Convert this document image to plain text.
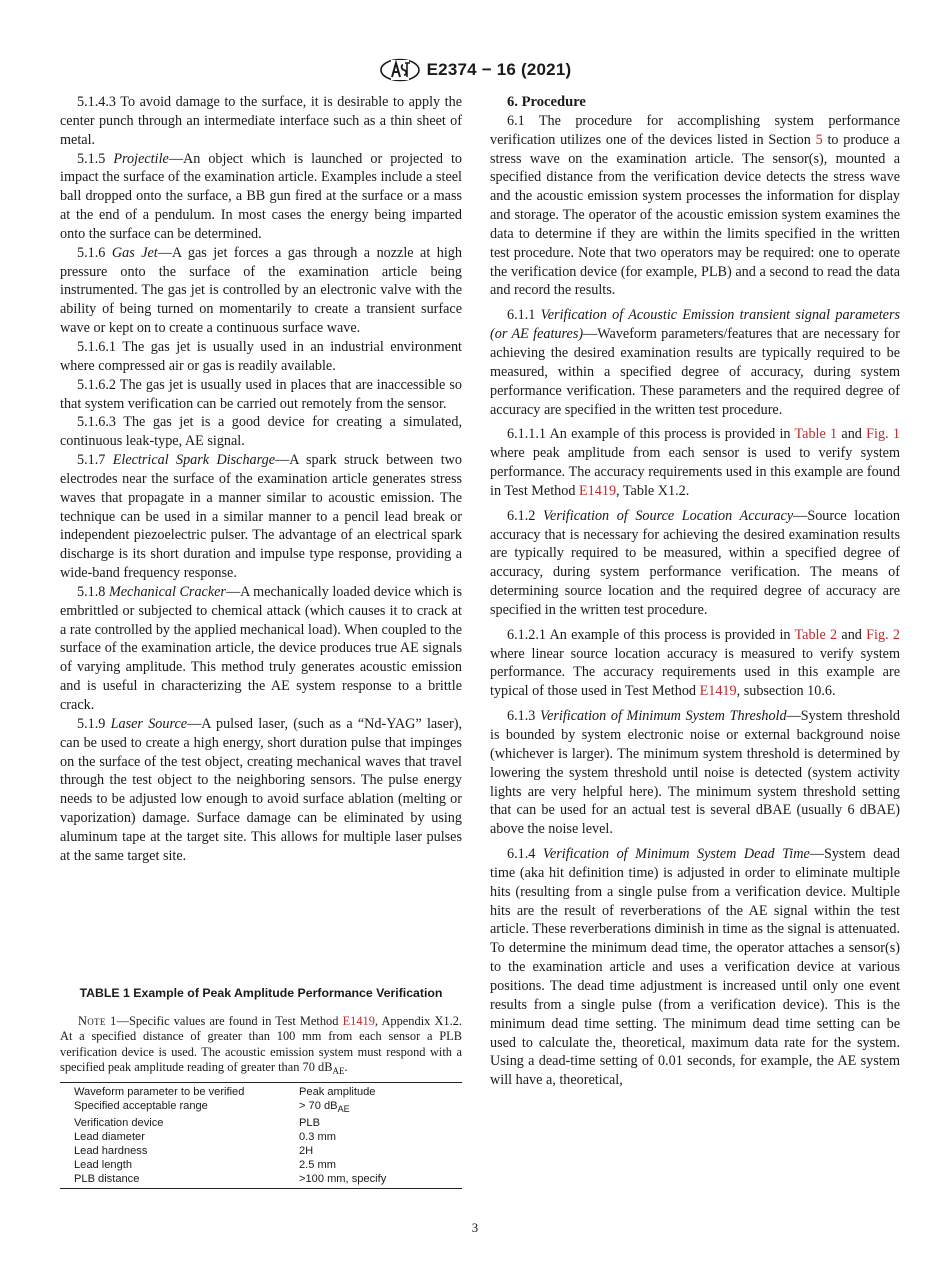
E2374 − 16 (2021)

5.1.4.3 To avoid damage to the surface, it is desirable to apply the center punch through an intermediate interface such as a thin sheet of metal.

5.1.5 Projectile—An object which is launched or projected to impact the surface of the examination article. Examples include a steel ball dropped onto the surface, a BB gun fired at the surface or a mass at the end of a pendulum. In most cases the energy being imparted onto the surface can be determined.

5.1.6 Gas Jet—A gas jet forces a gas through a nozzle at high pressure onto the surface of the examination article being instrumented. The gas jet is controlled by an electronic valve with the ability of being turned on momentarily to create a transient surface wave or kept on to create a continuous surface wave.

5.1.6.1 The gas jet is usually used in an industrial environment where compressed air or gas is readily available.

5.1.6.2 The gas jet is usually used in places that are inaccessible so that system verification can be carried out remotely from the sensor.

5.1.6.3 The gas jet is a good device for creating a simulated, continuous leak-type, AE signal.

5.1.7 Electrical Spark Discharge—A spark struck between two electrodes near the surface of the examination article generates stress waves that propagate in a manner similar to acoustic emission. The technique can be used in a similar manner to a pencil lead break or independent piezoelectric pulser. The advantage of an electrical spark discharge is its short duration and impulse type response, providing a wide-band frequency response.

5.1.8 Mechanical Cracker—A mechanically loaded device which is embrittled or subjected to chemical attack (which causes it to crack at a rate controlled by the applied mechanical load). When coupled to the surface of the examination article, the device produces true AE signals of varying amplitude. This method truly generates acoustic emission and is useful in characterizing the AE system response to a brittle crack.

5.1.9 Laser Source—A pulsed laser, (such as a “Nd-YAG” laser), can be used to create a high energy, short duration pulse that impinges on the surface of the test object, creating mechanical waves that travel through the test object to the neighboring sensors. The pulse energy needs to be adjusted low enough to avoid surface ablation (melting or vaporization) damage. Surface damage can be eliminated by using aluminum tape at the target site. This allows for multiple laser pulses at the same target site.

TABLE 1 Example of Peak Amplitude Performance Verification

Note 1—Specific values are found in Test Method E1419, Appendix X1.2. At a specified distance of greater than 100 mm from each sensor a PLB verification device is used. The acoustic emission system must respond with a specified peak amplitude reading of greater than 70 $dB_{AE}$.

Waveform parameter to be verified	Peak amplitude
Specified acceptable range	> 70 $dB_{AE}$
Verification device	PLB
Lead diameter	0.3 mm
Lead hardness	2H
Lead length	2.5 mm
PLB distance	>100 mm, specify

6. Procedure

6.1 The procedure for accomplishing system performance verification utilizes one of the devices listed in Section 5 to produce a stress wave on the examination article. The sensor(s), mounted a specified distance from the verification device detects the stress wave and the acoustic emission system processes the information for display and storage. The operator of the acoustic emission system examines the data to determine if they are within the limits specified in the written test procedure. Note that two operators may be required: one to operate the verification device (for example, PLB) and a second to read the data and record the results.

6.1.1 Verification of Acoustic Emission transient signal parameters (or AE features)—Waveform parameters/features that are necessary for achieving the desired examination results are typically required to be measured, within a specified degree of accuracy, during system performance verification. These parameters and the required degree of accuracy are specified in the written test procedure.

6.1.1.1 An example of this process is provided in Table 1 and Fig. 1 where peak amplitude from each sensor is used to verify system performance. The accuracy requirements used in this example are found in Test Method E1419, Table X1.2.

6.1.2 Verification of Source Location Accuracy—Source location accuracy that is necessary for achieving the desired examination results are typically required to be measured, within a specified degree of accuracy, during system performance verification. The means of determining source location and the required degree of accuracy are specified in the written test procedure.

6.1.2.1 An example of this process is provided in Table 2 and Fig. 2 where linear source location accuracy is measured to verify system performance. The accuracy requirements used in this example are typical of those used in Test Method E1419, subsection 10.6.

6.1.3 Verification of Minimum System Threshold—System threshold is bounded by system electronic noise or external background noise (whichever is larger). The minimum system threshold is determined by lowering the system threshold until noise is detected (system activity lights are very helpful here). The minimum system threshold setting that can be used for an actual test is several dBAE (usually 6 dBAE) above the noise level.

6.1.4 Verification of Minimum System Dead Time—System dead time (aka hit definition time) is adjusted in order to eliminate multiple hits (resulting from a single pulse from a verification device. Multiple hits are the result of reverberations of the AE signal within the test article. These reverberations diminish in time as the signal is attenuated. To determine the minimum dead time, the operator attaches a sensor(s) to the examination article and uses a verification device at various positions. The dead time adjustment is increased until only one event results from a single pulse (from a verification device). This is the minimum dead time setting. The minimum dead time setting can be used to calculate the, theoretical, maximum data rate for the system. Using a dead-time setting of 0.01 seconds, for example, the AE system will have a, theoretical,

3
